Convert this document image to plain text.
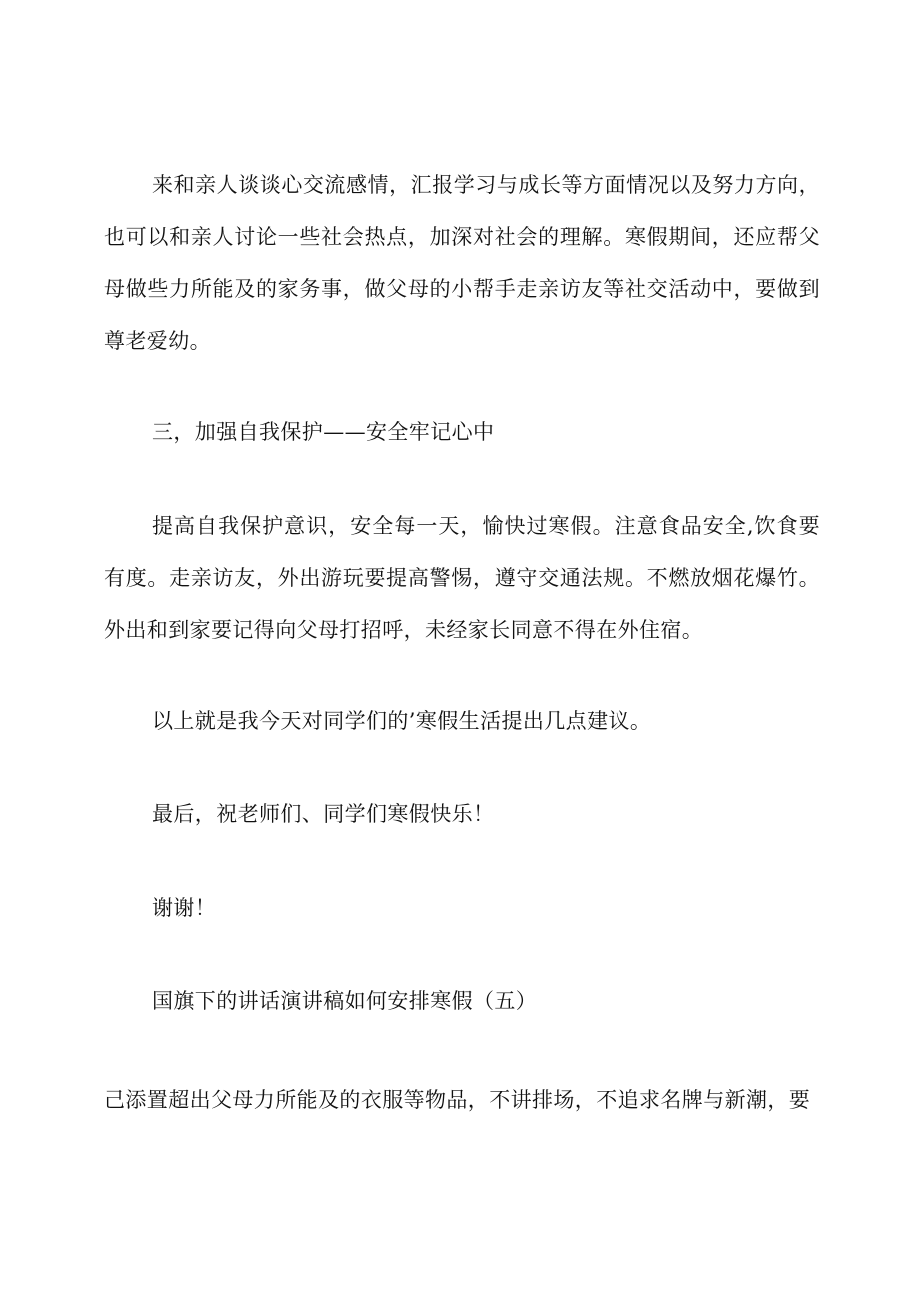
来和亲人谈谈心交流感情，汇报学习与成长等方面情况以及努力方向，也可以和亲人讨论一些社会热点，加深对社会的理解。寒假期间，还应帮父母做些力所能及的家务事，做父母的小帮手走亲访友等社交活动中，要做到尊老爱幼。

三，加强自我保护——安全牢记心中

提高自我保护意识，安全每一天，愉快过寒假。注意食品安全,饮食要有度。走亲访友，外出游玩要提高警惕，遵守交通法规。不燃放烟花爆竹。外出和到家要记得向父母打招呼，未经家长同意不得在外住宿。

以上就是我今天对同学们的’寒假生活提出几点建议。

最后，祝老师们、同学们寒假快乐！

谢谢！

国旗下的讲话演讲稿如何安排寒假（五）

己添置超出父母力所能及的衣服等物品，不讲排场，不追求名牌与新潮，要
